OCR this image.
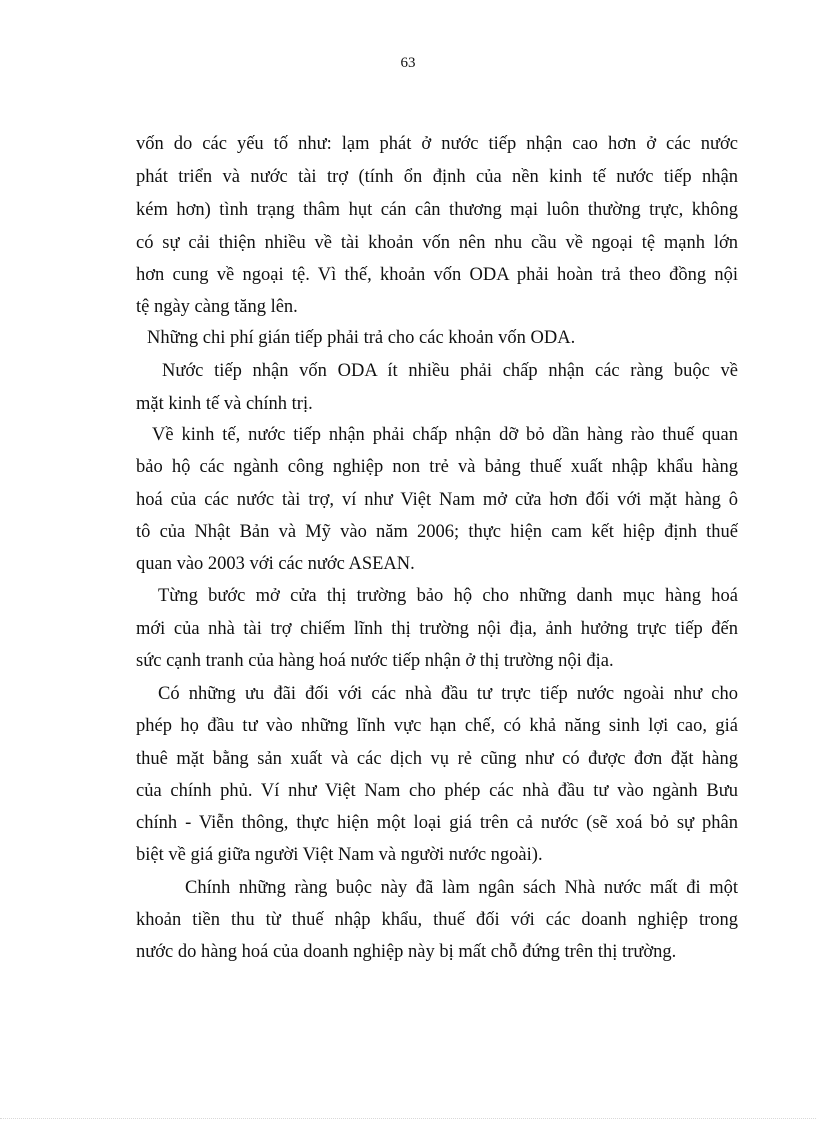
63
vốn do các yếu tố như: lạm phát ở nước tiếp nhận cao hơn ở các nước
phát triển và nước tài trợ (tính ổn định của nền kinh tế nước tiếp nhận
kém hơn) tình trạng thâm hụt cán cân thương mại luôn thường trực, không
có sự cải thiện nhiều về tài khoản vốn nên nhu cầu về ngoại tệ mạnh lớn
hơn cung về ngoại tệ. Vì thế, khoản vốn ODA phải hoàn trả theo đồng nội
tệ ngày càng tăng lên.
Những chi phí gián tiếp phải trả cho các khoản vốn ODA.
Nước tiếp nhận vốn ODA ít nhiều phải chấp nhận các ràng buộc về
mặt kinh tế và chính trị.
Về kinh tế, nước tiếp nhận phải chấp nhận dỡ bỏ dần hàng rào thuế quan
bảo hộ các ngành công nghiệp non trẻ và bảng thuế xuất nhập khẩu hàng
hoá của các nước tài trợ, ví như Việt Nam mở cửa hơn đối với mặt hàng ô
tô của Nhật Bản và Mỹ vào năm 2006; thực hiện cam kết hiệp định thuế
quan vào 2003 với các nước ASEAN.
Từng bước mở cửa thị trường bảo hộ cho những danh mục hàng hoá
mới của nhà tài trợ chiếm lĩnh thị trường nội địa, ảnh hưởng trực tiếp đến
sức cạnh tranh của hàng hoá nước tiếp nhận ở thị trường nội địa.
Có những ưu đãi đối với các nhà đầu tư trực tiếp nước ngoài như cho
phép họ đầu tư vào những lĩnh vực hạn chế, có khả năng sinh lợi cao, giá
thuê mặt bằng sản xuất và các dịch vụ rẻ cũng như có được đơn đặt hàng
của chính phủ. Ví như Việt Nam cho phép các nhà đầu tư vào ngành Bưu
chính - Viễn thông, thực hiện một loại giá trên cả nước (sẽ xoá bỏ sự phân
biệt về giá giữa người Việt Nam và người nước ngoài).
Chính những ràng buộc này đã làm ngân sách Nhà nước mất đi một
khoản tiền thu từ thuế nhập khẩu, thuế đối với các doanh nghiệp trong
nước do hàng hoá của doanh nghiệp này bị mất chỗ đứng trên thị trường.
